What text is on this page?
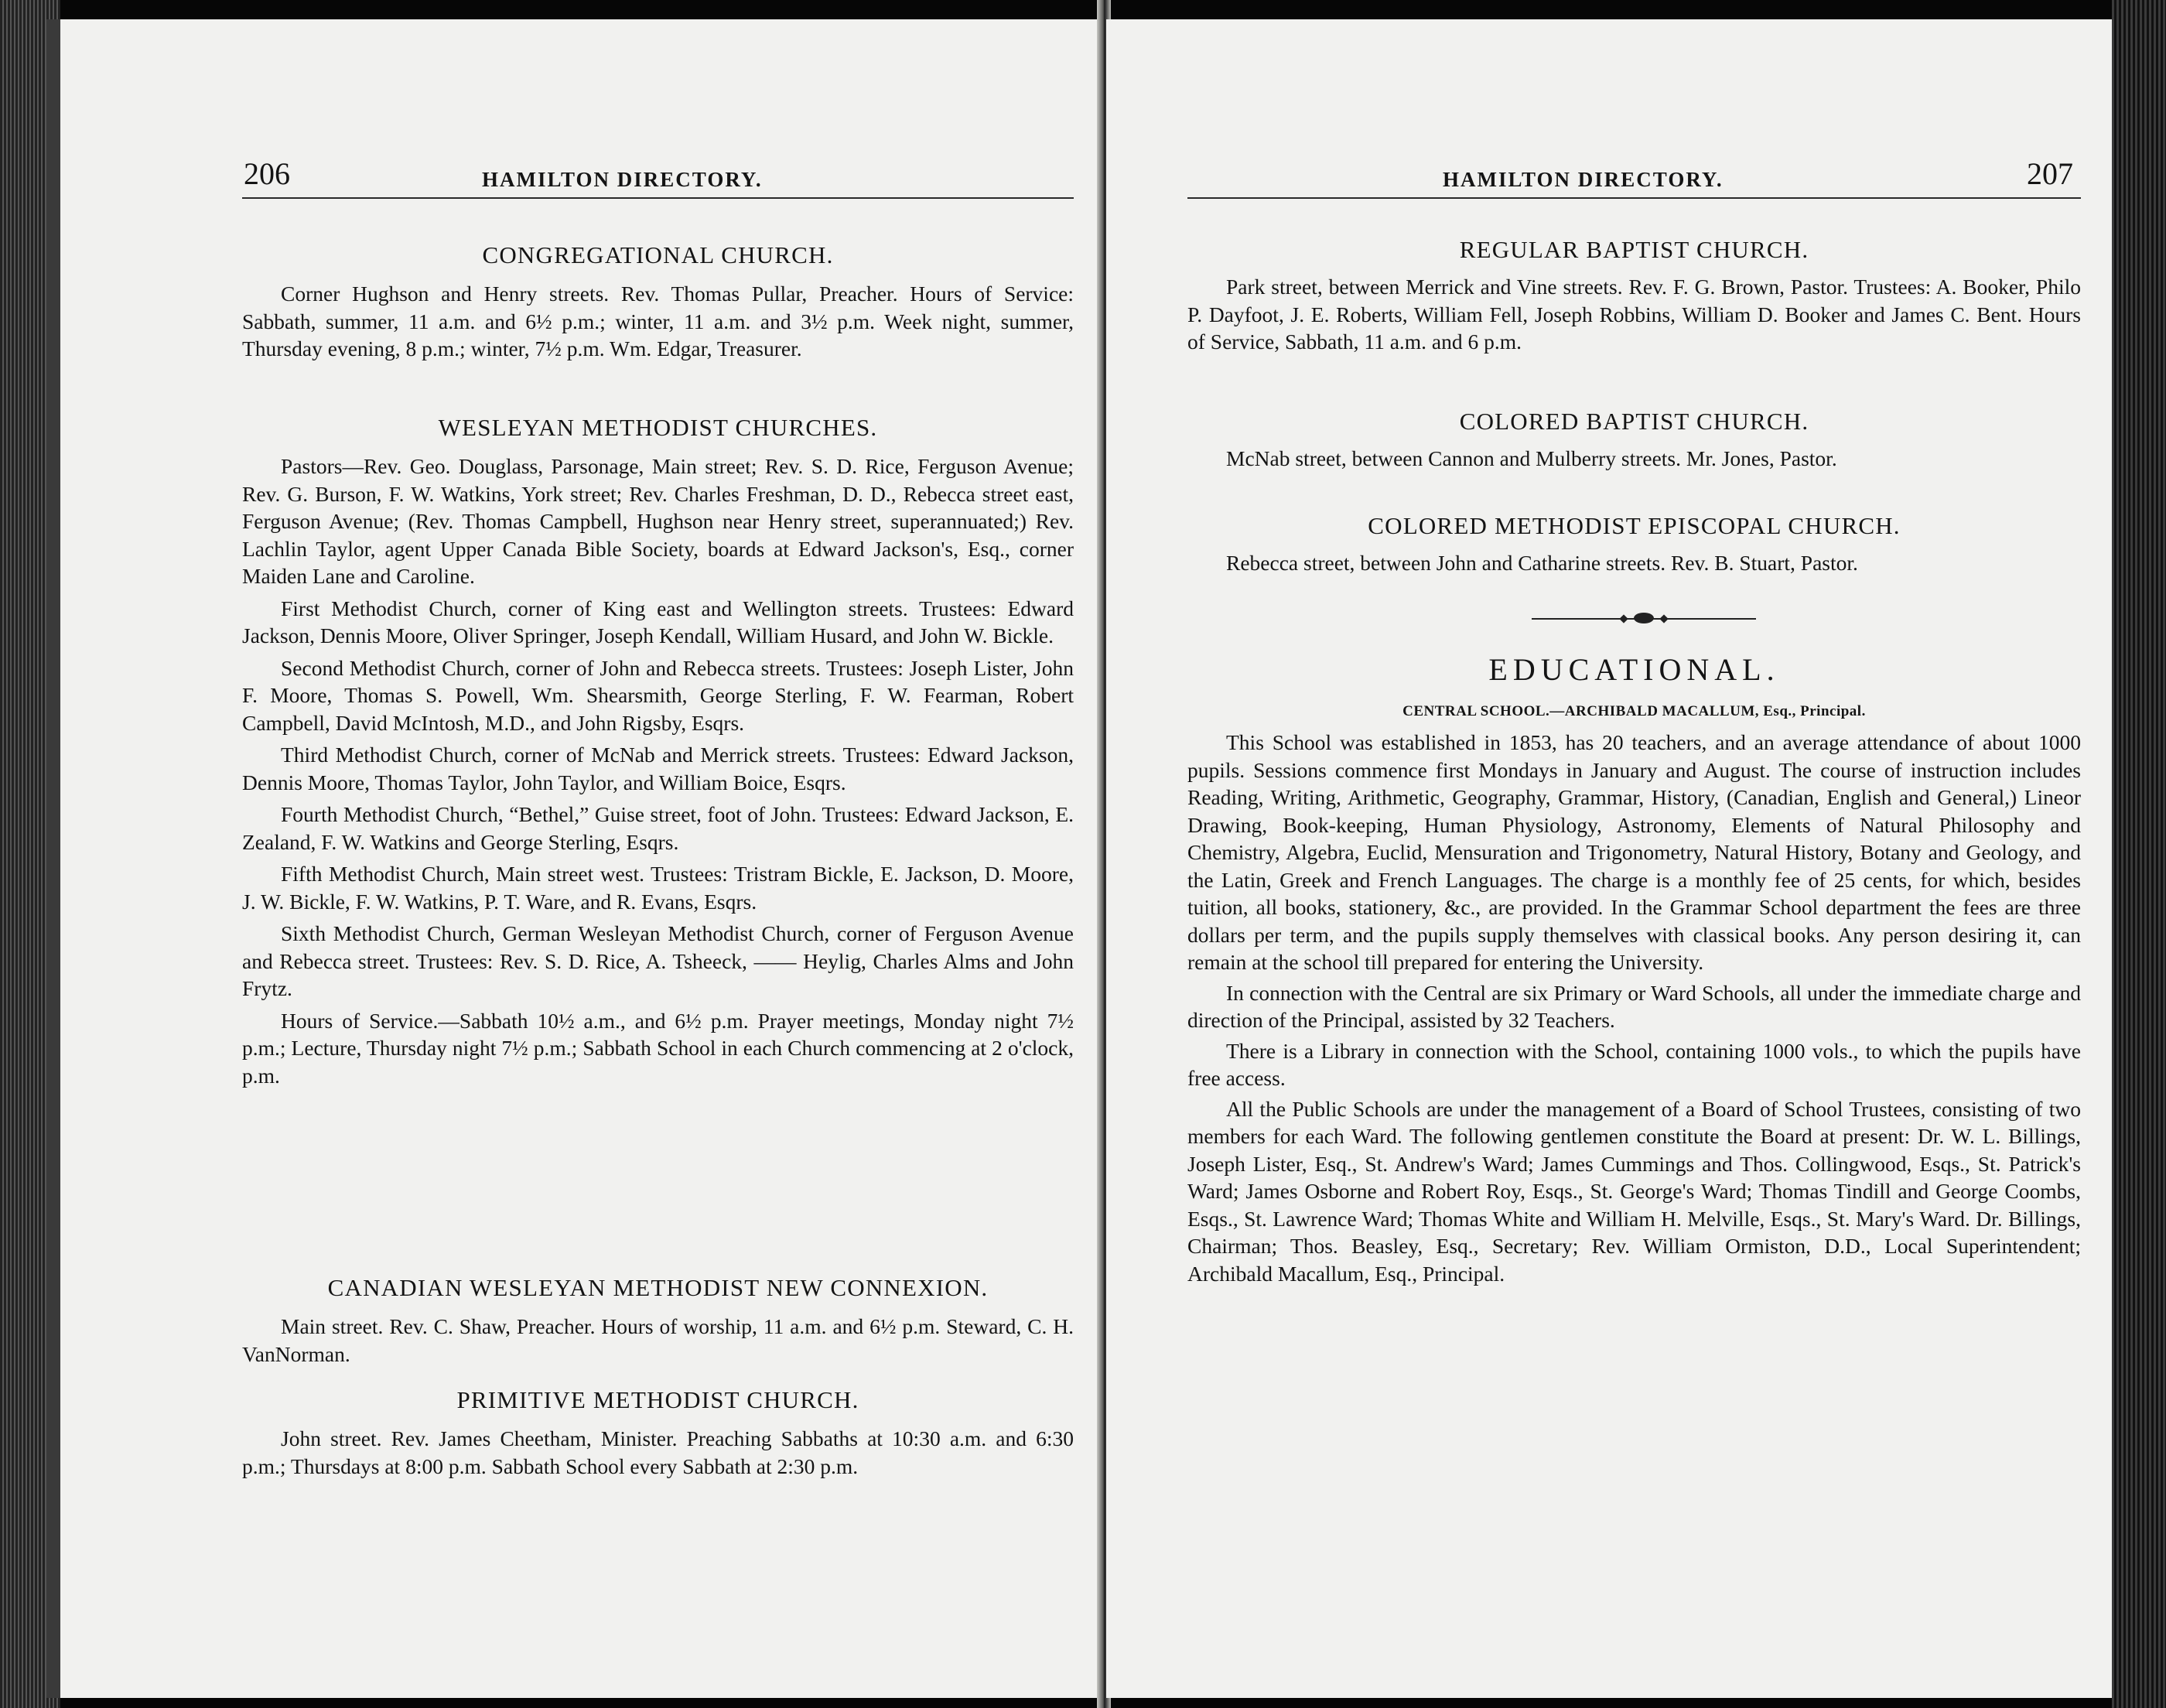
206	HAMILTON DIRECTORY.
CONGREGATIONAL CHURCH.

Corner Hughson and Henry streets. Rev. Thomas Pullar, Preacher. Hours of Service: Sabbath, summer, 11 a.m. and 6½ p.m.; winter, 11 a.m. and 3½ p.m. Week night, summer, Thursday evening, 8 p.m.; winter, 7½ p.m. Wm. Edgar, Treasurer.

WESLEYAN METHODIST CHURCHES.

Pastors—Rev. Geo. Douglass, Parsonage, Main street; Rev. S. D. Rice, Ferguson Avenue; Rev. G. Burson, F. W. Watkins, York street; Rev. Charles Freshman, D. D., Rebecca street east, Ferguson Avenue; (Rev. Thomas Campbell, Hughson near Henry street, superannuated;) Rev. Lachlin Taylor, agent Upper Canada Bible Society, boards at Edward Jackson's, Esq., corner Maiden Lane and Caroline.

First Methodist Church, corner of King east and Wellington streets. Trustees: Edward Jackson, Dennis Moore, Oliver Springer, Joseph Kendall, William Husard, and John W. Bickle.

Second Methodist Church, corner of John and Rebecca streets. Trustees: Joseph Lister, John F. Moore, Thomas S. Powell, Wm. Shearsmith, George Sterling, F. W. Fearman, Robert Campbell, David McIntosh, M.D., and John Rigsby, Esqrs.

Third Methodist Church, corner of McNab and Merrick streets. Trustees: Edward Jackson, Dennis Moore, Thomas Taylor, John Taylor, and William Boice, Esqrs.

Fourth Methodist Church, “Bethel,” Guise street, foot of John. Trustees: Edward Jackson, E. Zealand, F. W. Watkins and George Sterling, Esqrs.

Fifth Methodist Church, Main street west. Trustees: Tristram Bickle, E. Jackson, D. Moore, J. W. Bickle, F. W. Watkins, P. T. Ware, and R. Evans, Esqrs.

Sixth Methodist Church, German Wesleyan Methodist Church, corner of Ferguson Avenue and Rebecca street. Trustees: Rev. S. D. Rice, A. Tsheeck, —— Heylig, Charles Alms and John Frytz.

Hours of Service.—Sabbath 10½ a.m., and 6½ p.m. Prayer meetings, Monday night 7½ p.m.; Lecture, Thursday night 7½ p.m.; Sabbath School in each Church commencing at 2 o'clock, p.m.

CANADIAN WESLEYAN METHODIST NEW CONNEXION.

Main street. Rev. C. Shaw, Preacher. Hours of worship, 11 a.m. and 6½ p.m. Steward, C. H. VanNorman.

PRIMITIVE METHODIST CHURCH.

John street. Rev. James Cheetham, Minister. Preaching Sabbaths at 10:30 a.m. and 6:30 p.m.; Thursdays at 8:00 p.m. Sabbath School every Sabbath at 2:30 p.m.

HAMILTON DIRECTORY.	207
REGULAR BAPTIST CHURCH.

Park street, between Merrick and Vine streets. Rev. F. G. Brown, Pastor. Trustees: A. Booker, Philo P. Dayfoot, J. E. Roberts, William Fell, Joseph Robbins, William D. Booker and James C. Bent. Hours of Service, Sabbath, 11 a.m. and 6 p.m.

COLORED BAPTIST CHURCH.

McNab street, between Cannon and Mulberry streets. Mr. Jones, Pastor.

COLORED METHODIST EPISCOPAL CHURCH.

Rebecca street, between John and Catharine streets. Rev. B. Stuart, Pastor.

EDUCATIONAL.
CENTRAL SCHOOL.—ARCHIBALD MACALLUM, Esq., Principal.

This School was established in 1853, has 20 teachers, and an average attendance of about 1000 pupils. Sessions commence first Mondays in January and August. The course of instruction includes Reading, Writing, Arithmetic, Geography, Grammar, History, (Canadian, English and General,) Lineor Drawing, Book-keeping, Human Physiology, Astronomy, Elements of Natural Philosophy and Chemistry, Algebra, Euclid, Mensuration and Trigonometry, Natural History, Botany and Geology, and the Latin, Greek and French Languages. The charge is a monthly fee of 25 cents, for which, besides tuition, all books, stationery, &c., are provided. In the Grammar School department the fees are three dollars per term, and the pupils supply themselves with classical books. Any person desiring it, can remain at the school till prepared for entering the University.

In connection with the Central are six Primary or Ward Schools, all under the immediate charge and direction of the Principal, assisted by 32 Teachers.

There is a Library in connection with the School, containing 1000 vols., to which the pupils have free access.

All the Public Schools are under the management of a Board of School Trustees, consisting of two members for each Ward. The following gentlemen constitute the Board at present: Dr. W. L. Billings, Joseph Lister, Esq., St. Andrew's Ward; James Cummings and Thos. Collingwood, Esqs., St. Patrick's Ward; James Osborne and Robert Roy, Esqs., St. George's Ward; Thomas Tindill and George Coombs, Esqs., St. Lawrence Ward; Thomas White and William H. Melville, Esqs., St. Mary's Ward. Dr. Billings, Chairman; Thos. Beasley, Esq., Secretary; Rev. William Ormiston, D.D., Local Superintendent; Archibald Macallum, Esq., Principal.
